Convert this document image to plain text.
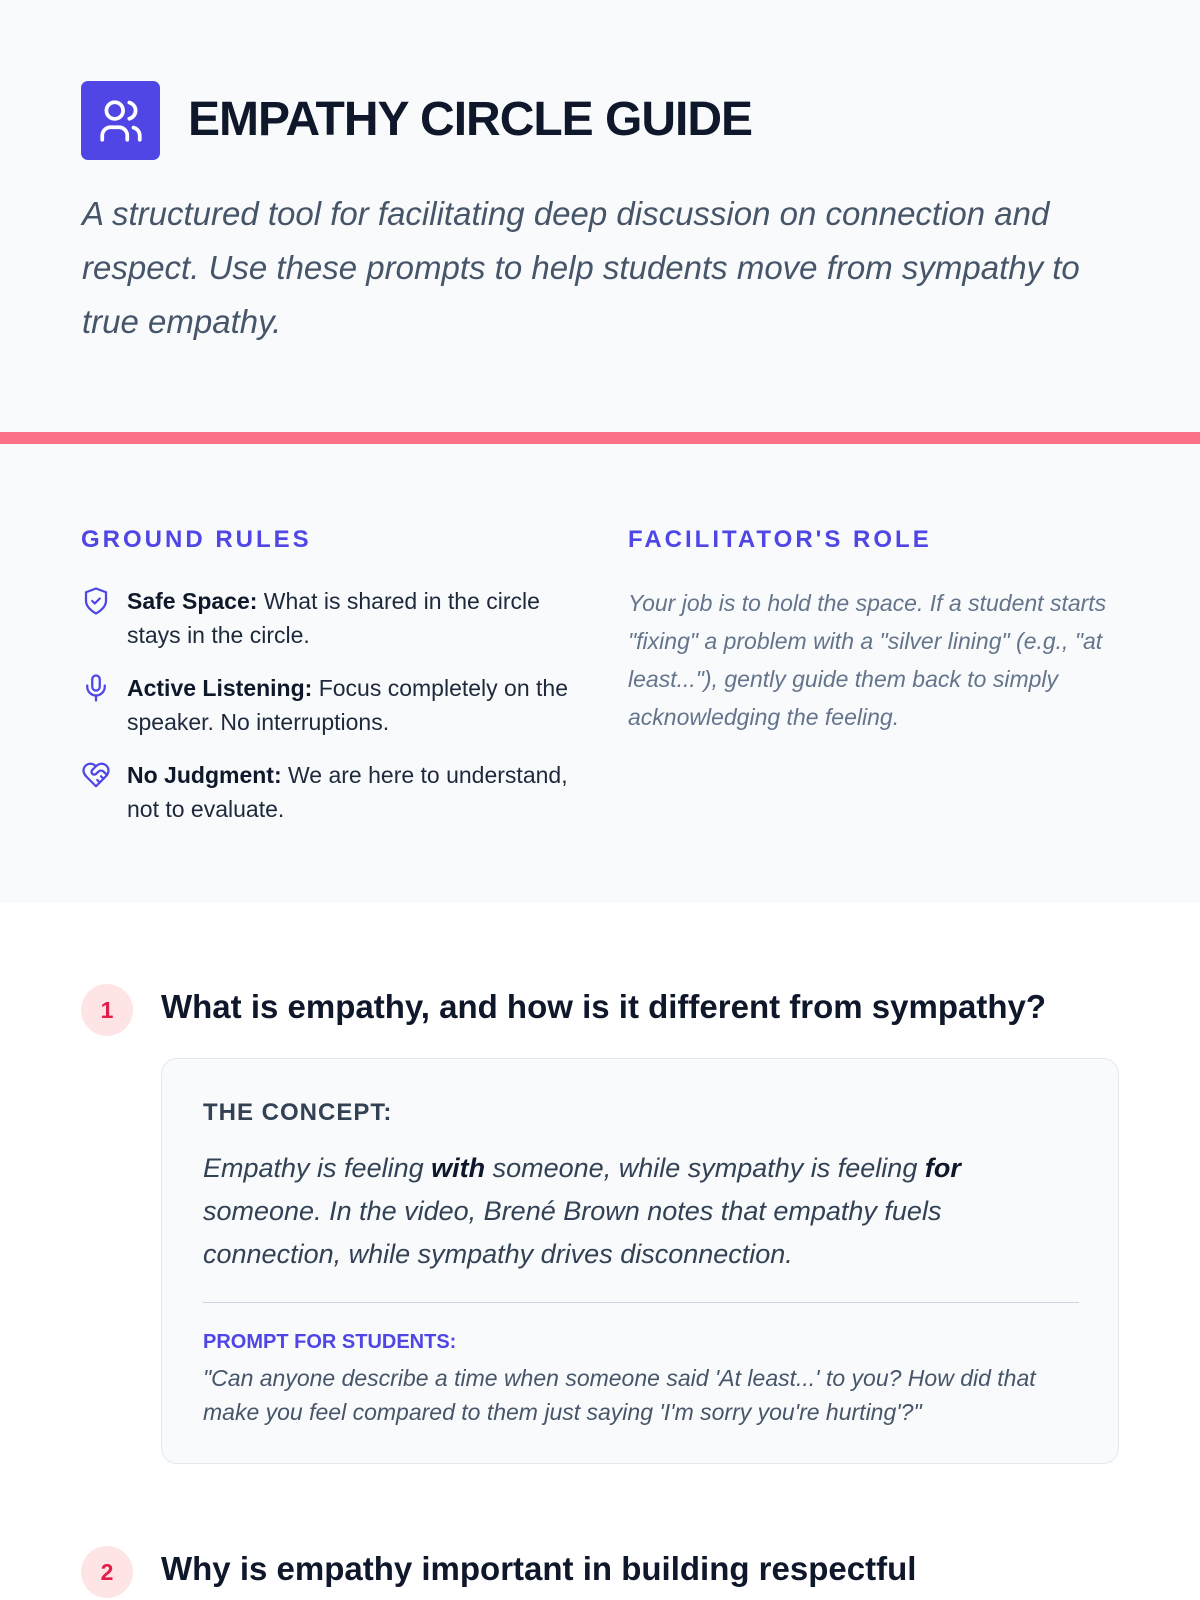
EMPATHY CIRCLE GUIDE

A structured tool for facilitating deep discussion on connection and respect. Use these prompts to help students move from sympathy to true empathy.

GROUND RULES
Safe Space: What is shared in the circle stays in the circle.
Active Listening: Focus completely on the speaker. No interruptions.
No Judgment: We are here to understand, not to evaluate.
FACILITATOR'S ROLE

Your job is to hold the space. If a student starts "fixing" a problem with a "silver lining" (e.g., "at least..."), gently guide them back to simply acknowledging the feeling.

1	What is empathy, and how is it different from sympathy?

THE CONCEPT:

Empathy is feeling with someone, while sympathy is feeling for someone. In the video, Brené Brown notes that empathy fuels connection, while sympathy drives disconnection.

PROMPT FOR STUDENTS:

"Can anyone describe a time when someone said 'At least...' to you? How did that make you feel compared to them just saying 'I'm sorry you're hurting'?"

2	Why is empathy important in building respectful
